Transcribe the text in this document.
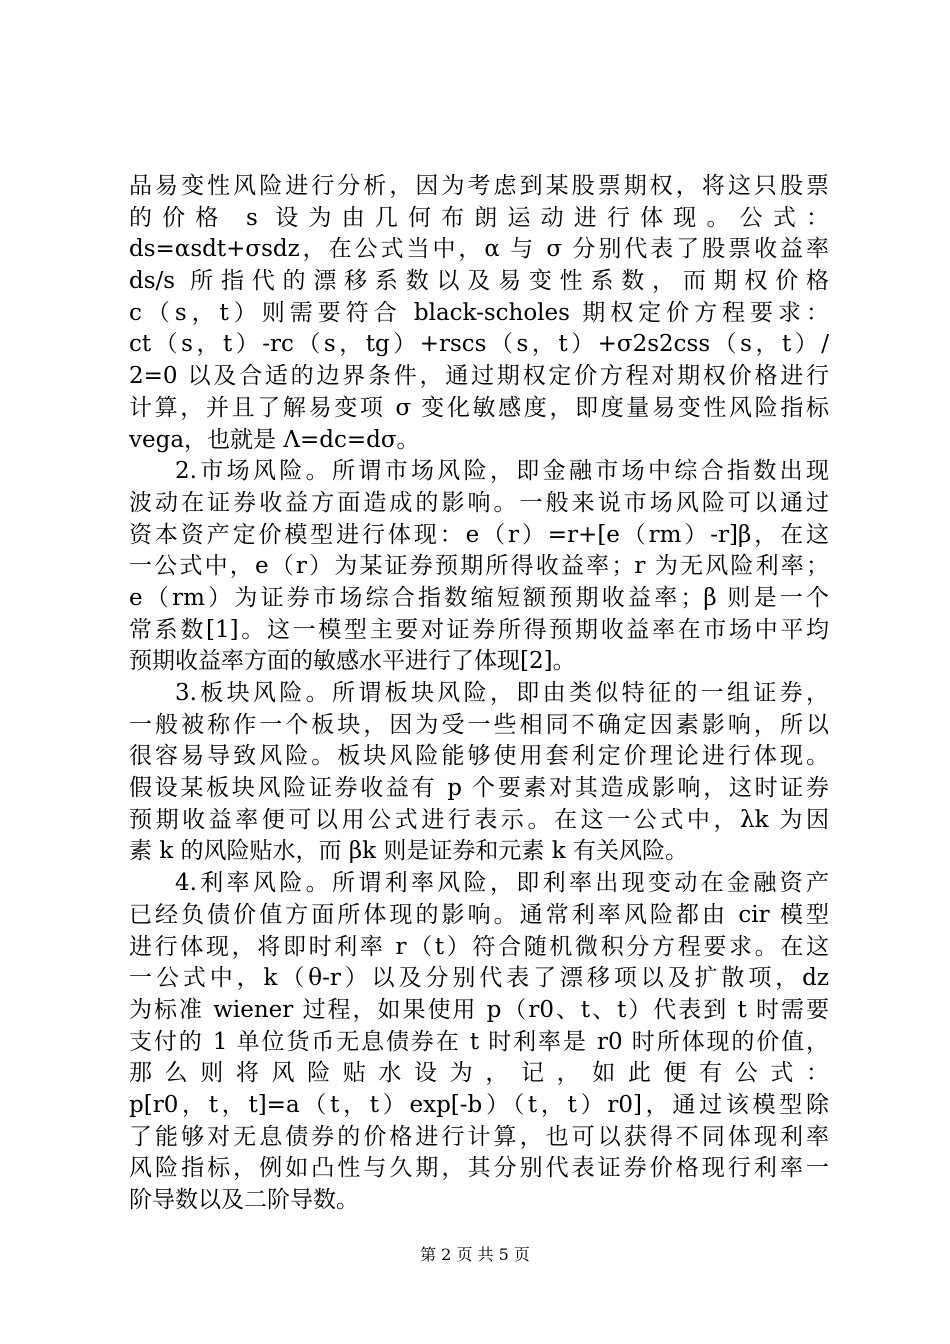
品易变性风险进行分析，因为考虑到某股票期权，将这只股票
的价格 s 设为由几何布朗运动进行体现。公式：
ds=αsdt+σsdz，在公式当中，α 与 σ 分别代表了股票收益率
ds/s 所指代的漂移系数以及易变性系数，而期权价格
c（s，t）则需要符合 black-scholes 期权定价方程要求：
ct（s，t）-rc（s，tg）+rscs（s，t）+σ2s2css（s，t）/
2=0 以及合适的边界条件，通过期权定价方程对期权价格进行
计算，并且了解易变项 σ 变化敏感度，即度量易变性风险指标
vega，也就是 Λ=dc=dσ。
2.市场风险。所谓市场风险，即金融市场中综合指数出现
波动在证券收益方面造成的影响。一般来说市场风险可以通过
资本资产定价模型进行体现：e（r）=r+[e（rm）-r]β，在这
一公式中，e（r）为某证券预期所得收益率；r 为无风险利率；
e（rm）为证券市场综合指数缩短额预期收益率；β 则是一个
常系数[1]。这一模型主要对证券所得预期收益率在市场中平均
预期收益率方面的敏感水平进行了体现[2]。
3.板块风险。所谓板块风险，即由类似特征的一组证券，
一般被称作一个板块，因为受一些相同不确定因素影响，所以
很容易导致风险。板块风险能够使用套利定价理论进行体现。
假设某板块风险证券收益有 p 个要素对其造成影响，这时证券
预期收益率便可以用公式进行表示。在这一公式中，λk 为因
素 k 的风险贴水，而 βk 则是证券和元素 k 有关风险。
4.利率风险。所谓利率风险，即利率出现变动在金融资产
已经负债价值方面所体现的影响。通常利率风险都由 cir 模型
进行体现，将即时利率 r（t）符合随机微积分方程要求。在这
一公式中，k（θ-r）以及分别代表了漂移项以及扩散项，dz
为标准 wiener 过程，如果使用 p（r0、t、t）代表到 t 时需要
支付的 1 单位货币无息债券在 t 时利率是 r0 时所体现的价值，
那么则将风险贴水设为，记，如此便有公式：
p[r0，t，t]=a（t，t）exp[-b）（t，t）r0]，通过该模型除
了能够对无息债券的价格进行计算，也可以获得不同体现利率
风险指标，例如凸性与久期，其分别代表证券价格现行利率一
阶导数以及二阶导数。
第 2 页 共 5 页
